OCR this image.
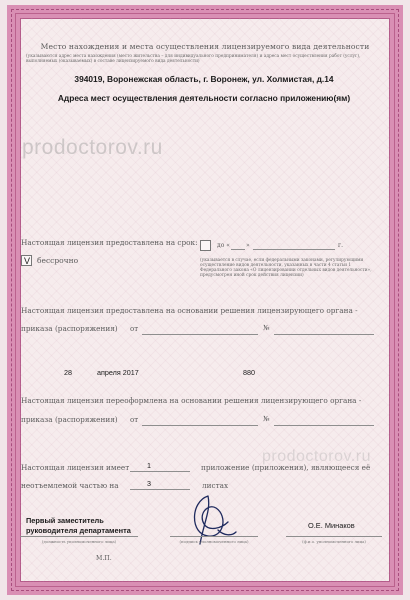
Место нахождения и места осуществления лицензируемого вида деятельности
(указываются адрес места нахождения (место жительства – для индивидуального предпринимателя) и адреса мест осуществления работ (услуг),
выполняемых (оказываемых) в составе лицензируемого вида деятельности)
394019, Воронежская область, г. Воронеж, ул. Холмистая, д.14
Адреса мест осуществления деятельности согласно приложению(ям)
prodoctorov.ru
Настоящая лицензия предоставлена на срок:
V бессрочно
до «	»	г.
(указывается в случае, если федеральными законами, регулирующими
осуществление видов деятельности, указанных в части 4 статьи 1
Федерального закона «О лицензировании отдельных видов деятельности»,
предусмотрен иной срок действия лицензии)
Настоящая лицензия предоставлена на основании решения лицензирующего органа -
приказа (распоряжения) от	№
28	апреля 2017	880
Настоящая лицензия переоформлена на основании решения лицензирующего органа -
приказа (распоряжения) от	№
Настоящая лицензия имеет 1	приложение (приложения), являющееся её
prodoctorov.ru
неотъемлемой частью на	3	листах
Первый заместитель
руководителя департамента
(должность уполномоченного лица)	(подпись уполномоченного лица)
О.Е. Минаков
(ф.и.о. уполномоченного лица)
М.П.
